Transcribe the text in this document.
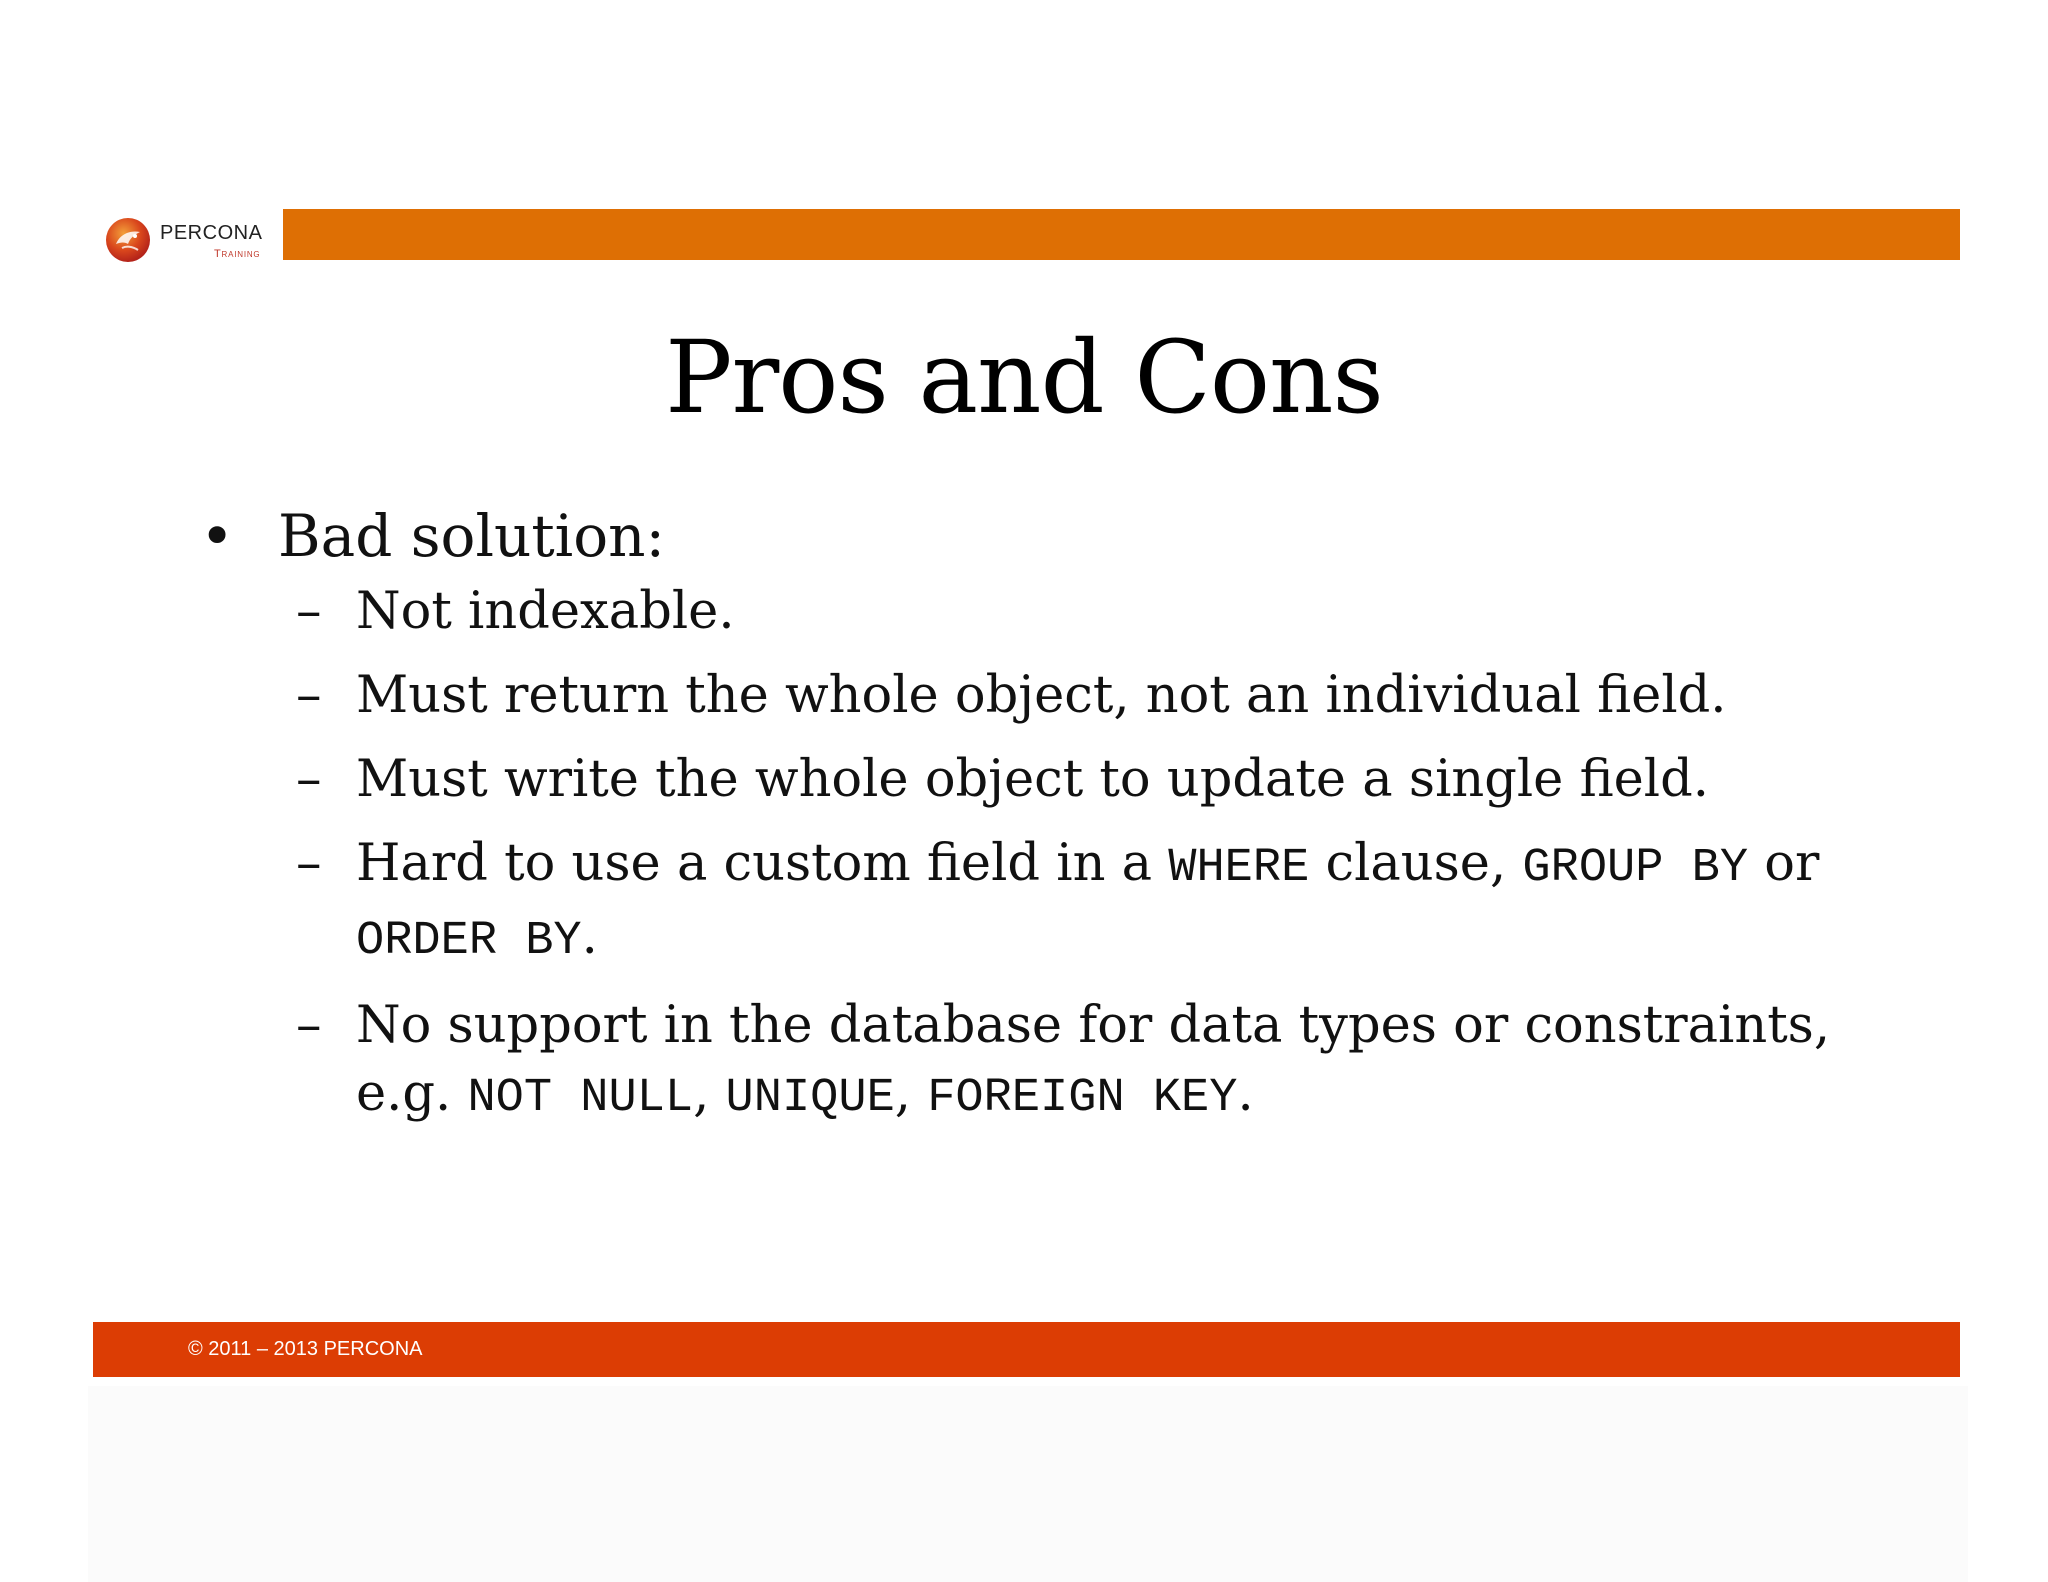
PERCONA
Training
Pros and Cons
• Bad solution:
– Not indexable.
– Must return the whole object, not an individual field.
– Must write the whole object to update a single field.
– Hard to use a custom field in a WHERE clause, GROUP BY or ORDER BY.
– No support in the database for data types or constraints, e.g. NOT NULL, UNIQUE, FOREIGN KEY.
© 2011 – 2013 PERCONA
